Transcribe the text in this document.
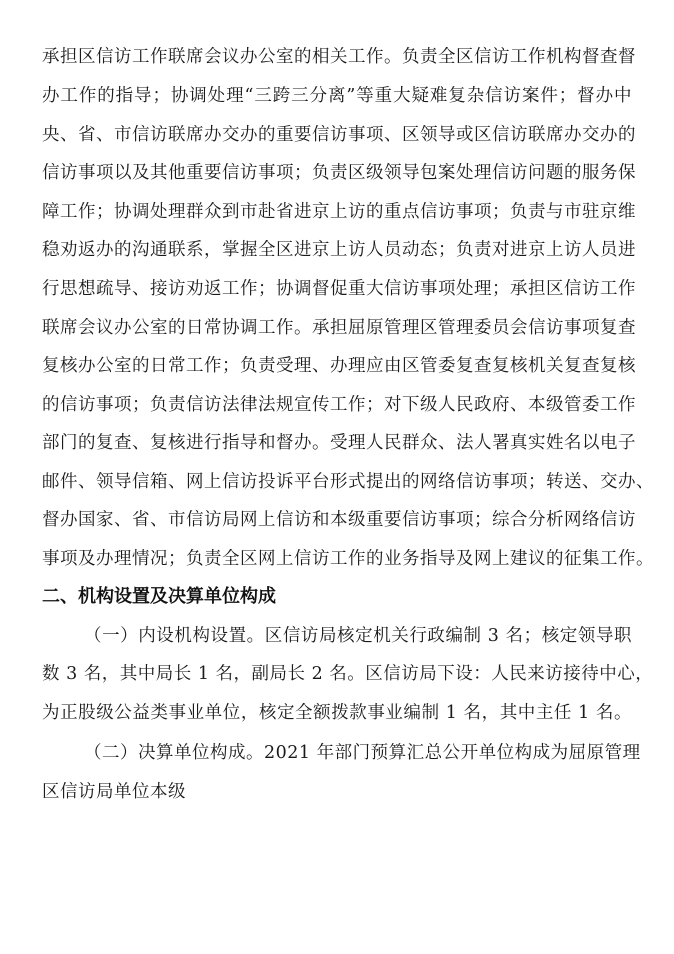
承担区信访工作联席会议办公室的相关工作。负责全区信访工作机构督查督
办工作的指导；协调处理“三跨三分离”等重大疑难复杂信访案件；督办中
央、省、市信访联席办交办的重要信访事项、区领导或区信访联席办交办的
信访事项以及其他重要信访事项；负责区级领导包案处理信访问题的服务保
障工作；协调处理群众到市赴省进京上访的重点信访事项；负责与市驻京维
稳劝返办的沟通联系，掌握全区进京上访人员动态；负责对进京上访人员进
行思想疏导、接访劝返工作；协调督促重大信访事项处理；承担区信访工作
联席会议办公室的日常协调工作。承担屈原管理区管理委员会信访事项复查
复核办公室的日常工作；负责受理、办理应由区管委复查复核机关复查复核
的信访事项；负责信访法律法规宣传工作；对下级人民政府、本级管委工作
部门的复查、复核进行指导和督办。受理人民群众、法人署真实姓名以电子
邮件、领导信箱、网上信访投诉平台形式提出的网络信访事项；转送、交办、
督办国家、省、市信访局网上信访和本级重要信访事项；综合分析网络信访
事项及办理情况；负责全区网上信访工作的业务指导及网上建议的征集工作。
二、机构设置及决算单位构成
（一）内设机构设置。区信访局核定机关行政编制 3 名；核定领导职
数 3 名，其中局长 1 名，副局长 2 名。区信访局下设：人民来访接待中心，
为正股级公益类事业单位，核定全额拨款事业编制 1 名，其中主任 1 名。
（二）决算单位构成。2021 年部门预算汇总公开单位构成为屈原管理
区信访局单位本级
